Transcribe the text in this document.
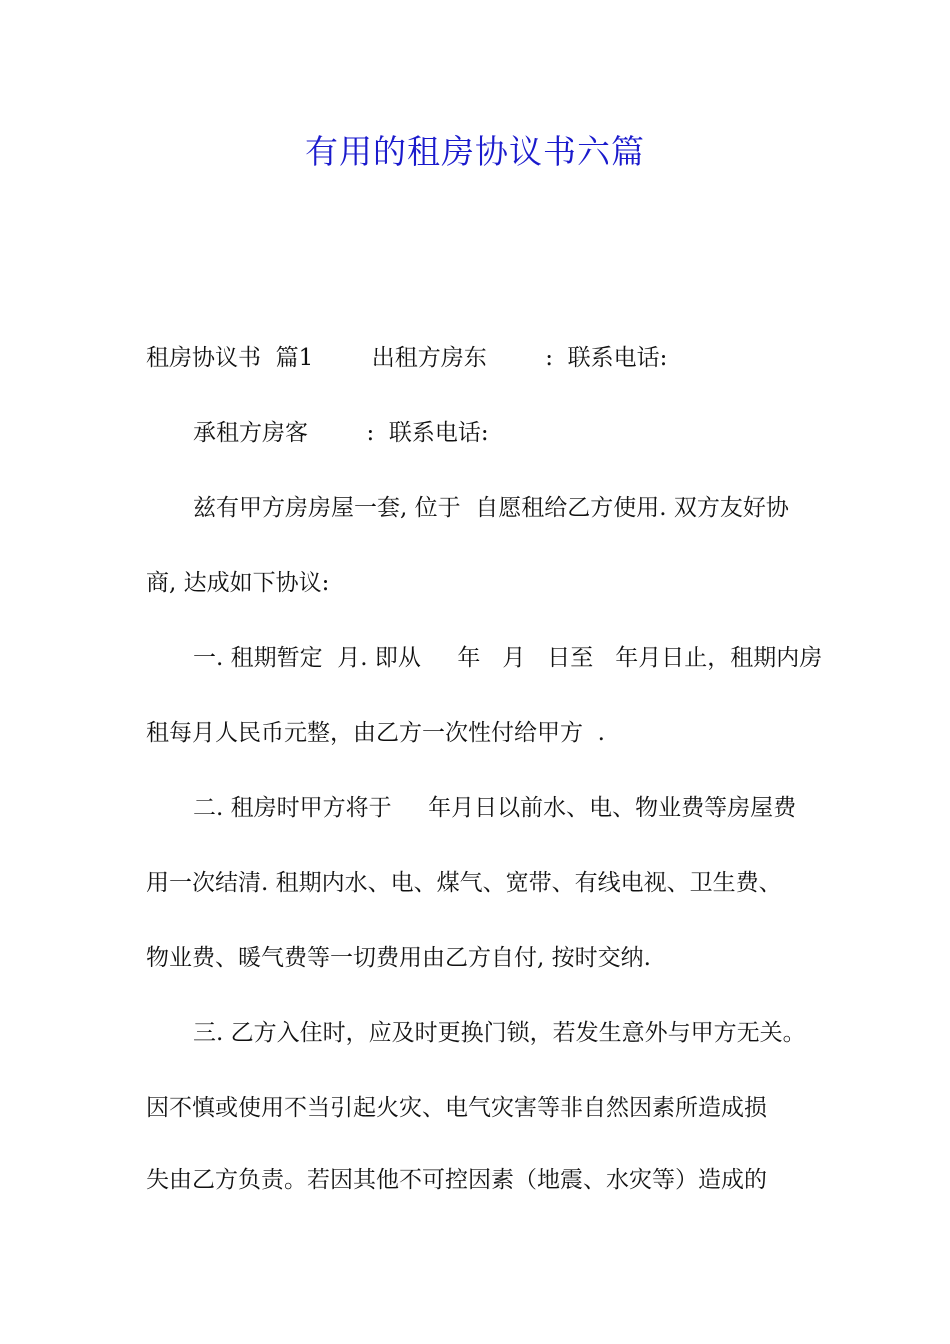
有用的租房协议书六篇
租房协议书  篇1        出租方房东        :  联系电话:
承租方房客        :  联系电话:
兹有甲方房房屋一套, 位于  自愿租给乙方使用. 双方友好协
商, 达成如下协议:
一. 租期暂定  月. 即从     年   月   日至   年月日止，租期内房
租每月人民币元整，由乙方一次性付给甲方  .
二. 租房时甲方将于     年月日以前水、电、物业费等房屋费
用一次结清. 租期内水、电、煤气、宽带、有线电视、卫生费、
物业费、暖气费等一切费用由乙方自付, 按时交纳.
三. 乙方入住时，应及时更换门锁，若发生意外与甲方无关。
因不慎或使用不当引起火灾、电气灾害等非自然因素所造成损
失由乙方负责。若因其他不可控因素（地震、水灾等）造成的
